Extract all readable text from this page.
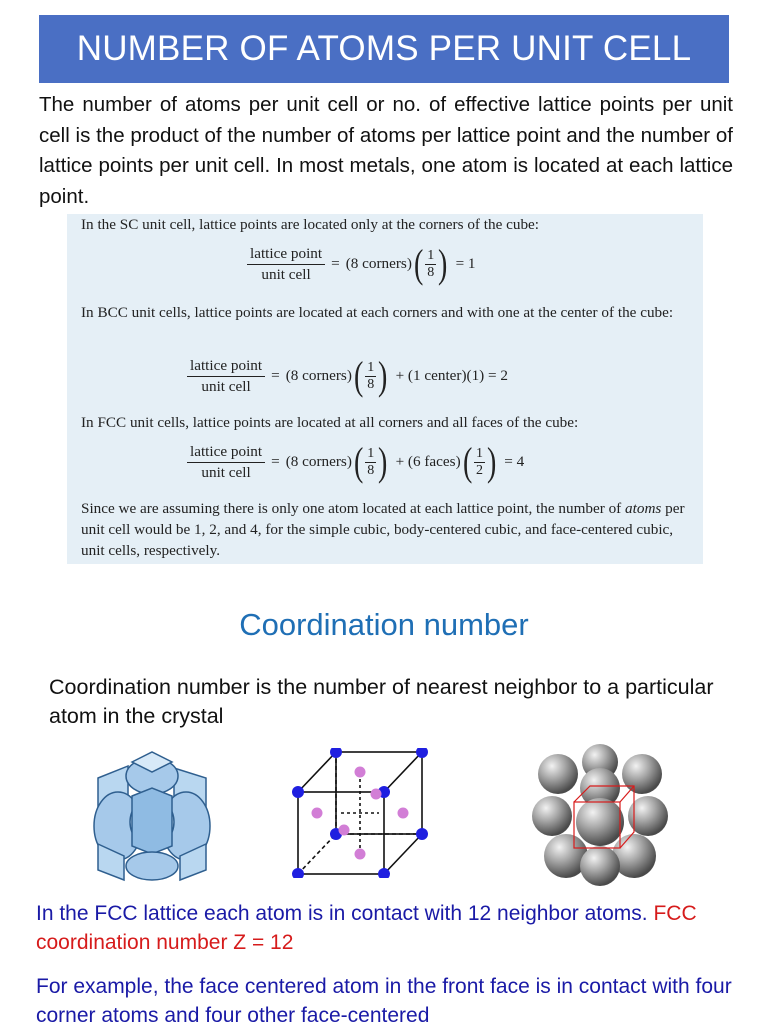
NUMBER OF ATOMS PER UNIT CELL
The number of atoms per unit cell or no. of effective lattice points per unit cell is the product of the number of atoms per lattice point and the number of lattice points per unit cell. In most metals, one atom is located at each lattice point.
In the SC unit cell, lattice points are located only at the corners of the cube:
$\frac{\text{lattice point}}{\text{unit cell}} = (8$ corners) ( $\frac{1}{8}$ ) = 1
In BCC unit cells, lattice points are located at each corners and with one at the center of the cube:
$\frac{\text{lattice point}}{\text{unit cell}} = (8$ corners) ( $\frac{1}{8}$ ) + (1 center)(1) = 2
In FCC unit cells, lattice points are located at all corners and all faces of the cube:
$\frac{\text{lattice point}}{\text{unit cell}} = (8$ corners) ( $\frac{1}{8}$ ) + (6 faces) ( $\frac{1}{2}$ ) = 4
Since we are assuming there is only one atom located at each lattice point, the number of atoms per unit cell would be 1, 2, and 4, for the simple cubic, body-centered cubic, and face-centered cubic, unit cells, respectively.
Coordination number
Coordination number is the number of nearest neighbor to a particular atom in the crystal
In the FCC lattice each atom is in contact with 12 neighbor atoms. FCC coordination number Z = 12
For example, the face centered atom in the front face is in contact with four corner atoms and four other face-centered
